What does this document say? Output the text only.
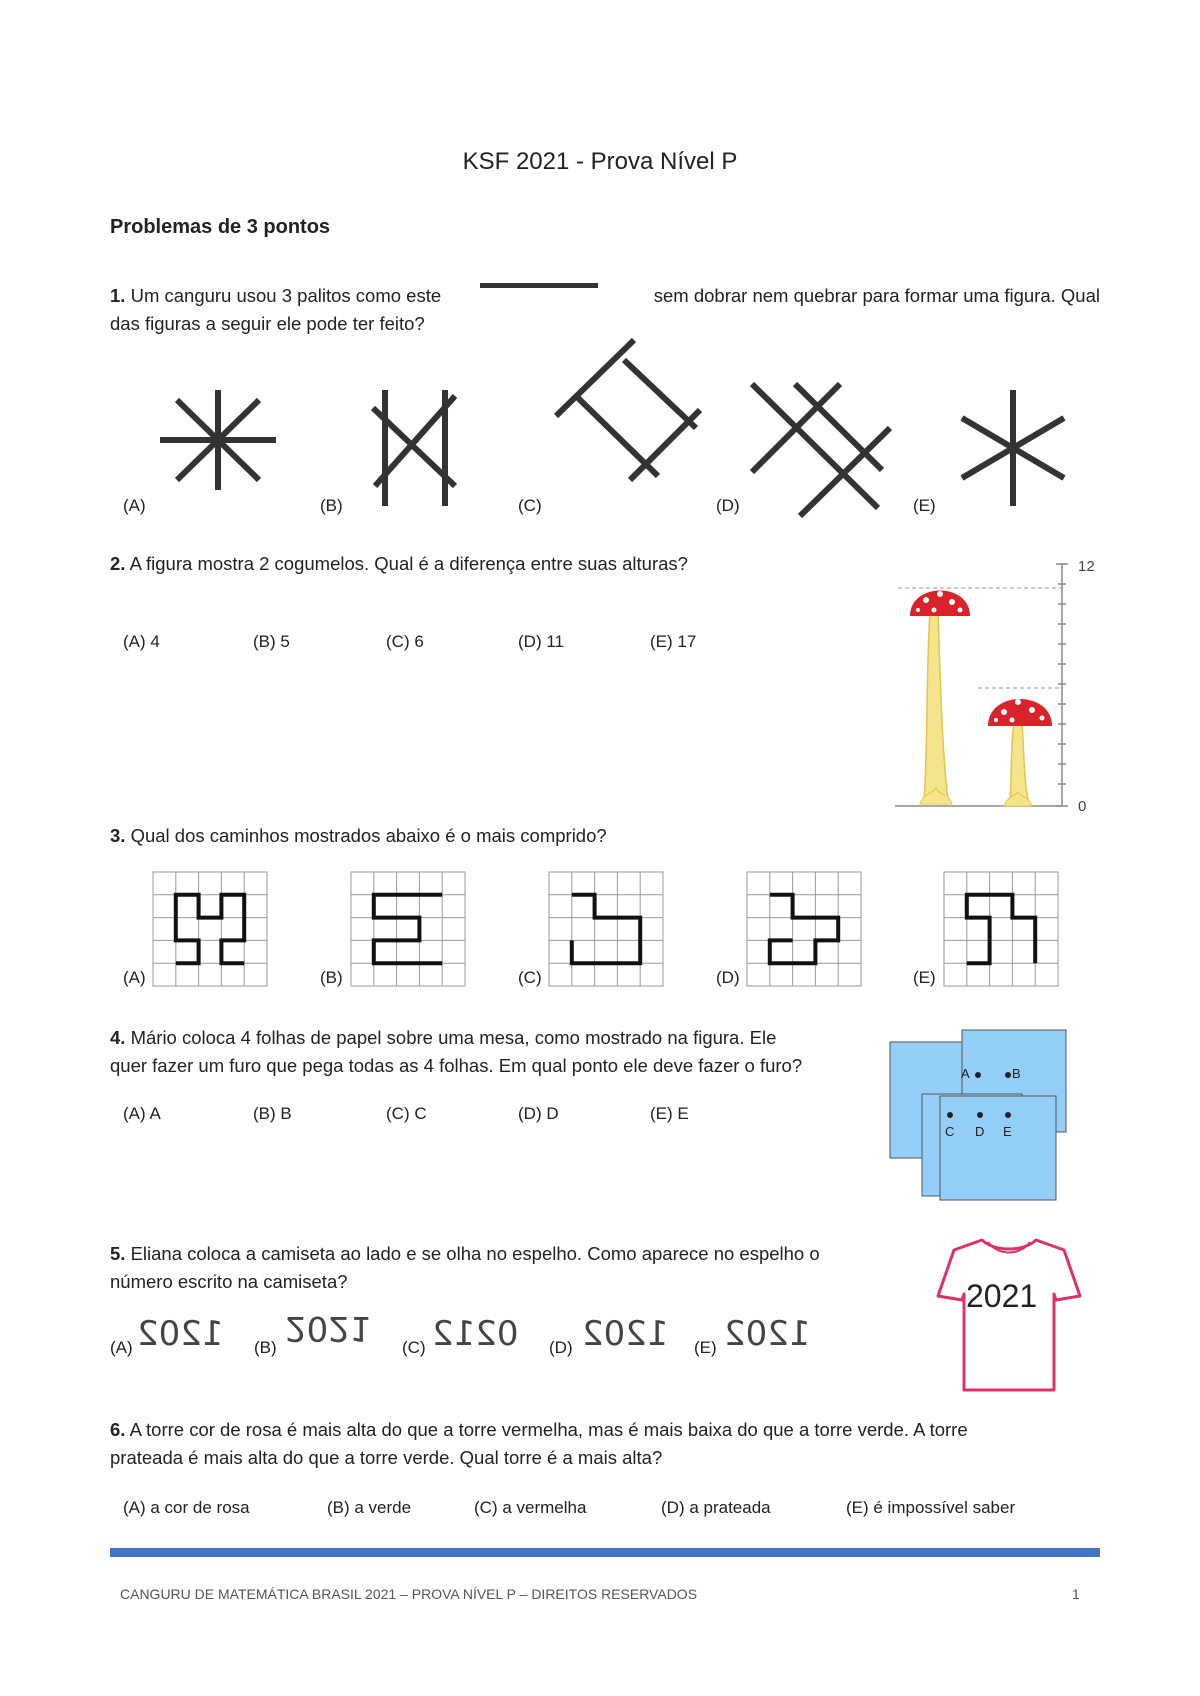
KSF 2021 - Prova Nível P
Problemas de 3 pontos
1. Um canguru usou 3 palitos como este	sem dobrar nem quebrar para formar uma figura. Qual
das figuras a seguir ele pode ter feito?
(A)	(B)	(C)	(D)	(E)
2. A figura mostra 2 cogumelos. Qual é a diferença entre suas alturas?
(A) 4	(B) 5	(C) 6	(D) 11	(E) 17
12
0
3. Qual dos caminhos mostrados abaixo é o mais comprido?
(A)	(B)	(C)	(D)	(E)
4. Mário coloca 4 folhas de papel sobre uma mesa, como mostrado na figura. Ele
quer fazer um furo que pega todas as 4 folhas. Em qual ponto ele deve fazer o furo?
(A) A	(B) B	(C) C	(D) D	(E) E
A	B
C D E
5. Eliana coloca a camiseta ao lado e se olha no espelho. Como aparece no espelho o
número escrito na camiseta?
(A) 1202 (B) 2021 (C) 0212 (D) 1202 (E) 1202
2021
6. A torre cor de rosa é mais alta do que a torre vermelha, mas é mais baixa do que a torre verde. A torre
prateada é mais alta do que a torre verde. Qual torre é a mais alta?
(A) a cor de rosa	(B) a verde	(C) a vermelha	(D) a prateada	(E) é impossível saber
CANGURU DE MATEMÁTICA BRASIL 2021 – PROVA NÍVEL P – DIREITOS RESERVADOS	1
